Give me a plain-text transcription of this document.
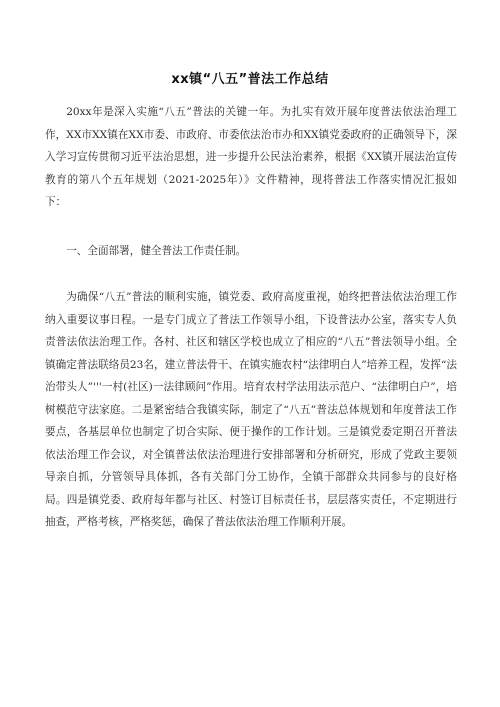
xx镇“八五”普法工作总结

20xx年是深入实施“八五”普法的关键一年。为扎实有效开展年度普法依法治理工作，XX市XX镇在XX市委、市政府、市委依法治市办和XX镇党委政府的正确领导下，深入学习宣传贯彻习近平法治思想，进一步提升公民法治素养，根据《XX镇开展法治宣传教育的第八个五年规划（2021-2025年）》文件精神，现将普法工作落实情况汇报如下：

一、全面部署，健全普法工作责任制。

为确保“八五”普法的顺利实施，镇党委、政府高度重视，始终把普法依法治理工作纳入重要议事日程。一是专门成立了普法工作领导小组，下设普法办公室，落实专人负责普法依法治理工作。各村、社区和辖区学校也成立了相应的“八五”普法领导小组。全镇确定普法联络员23名，建立普法骨干、在镇实施农村“法律明白人”培养工程，发挥“法治带头人”'''一村(社区)一法律顾问”作用。培育农村学法用法示范户、“法律明白户”，培树模范守法家庭。二是紧密结合我镇实际，制定了“八五”普法总体规划和年度普法工作要点，各基层单位也制定了切合实际、便于操作的工作计划。三是镇党委定期召开普法依法治理工作会议，对全镇普法依法治理进行安排部署和分析研究，形成了党政主要领导亲自抓，分管领导具体抓，各有关部门分工协作，全镇干部群众共同参与的良好格局。四是镇党委、政府每年都与社区、村签订目标责任书，层层落实责任，不定期进行抽查，严格考核，严格奖惩，确保了普法依法治理工作顺利开展。
